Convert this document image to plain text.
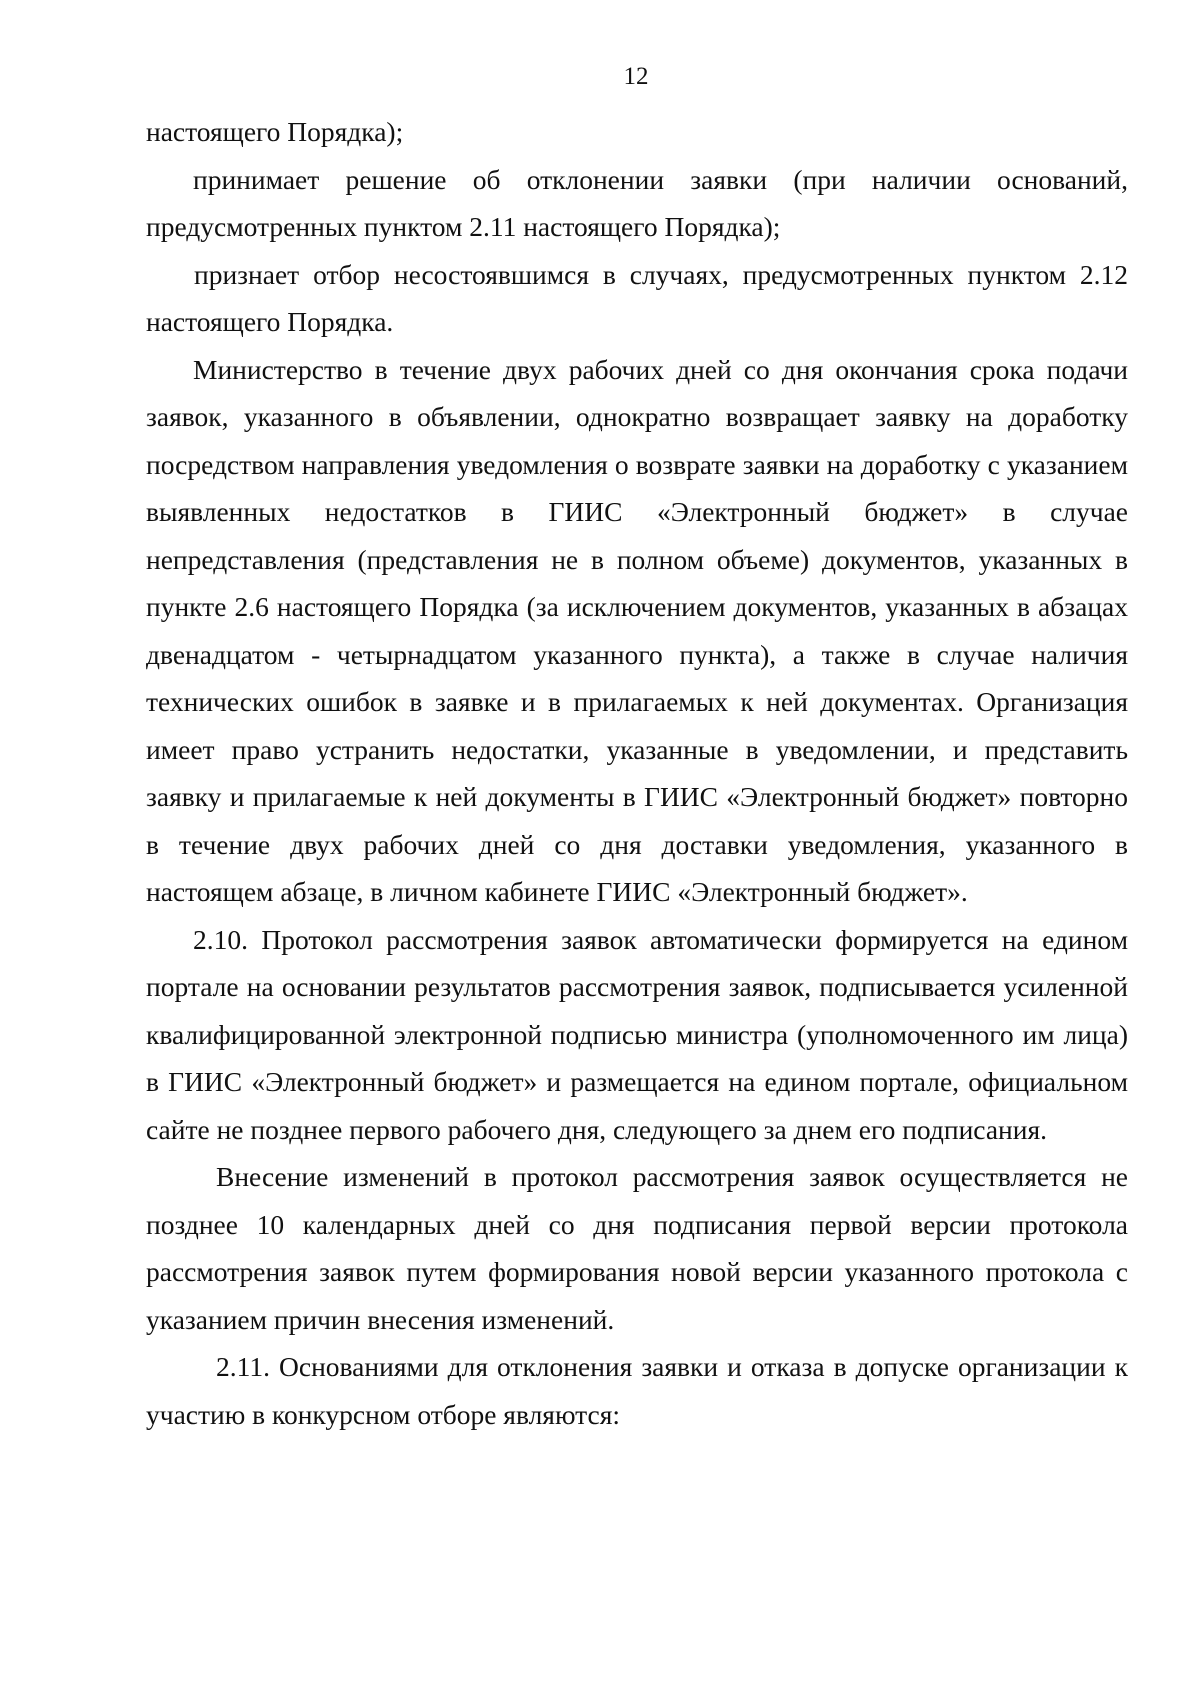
12

настоящего Порядка);

принимает решение об отклонении заявки (при наличии оснований, предусмотренных пунктом 2.11 настоящего Порядка);

признает отбор несостоявшимся в случаях, предусмотренных пунктом 2.12 настоящего Порядка.

Министерство в течение двух рабочих дней со дня окончания срока подачи заявок, указанного в объявлении, однократно возвращает заявку на доработку посредством направления уведомления о возврате заявки на доработку с указанием выявленных недостатков в ГИИС «Электронный бюджет» в случае непредставления (представления не в полном объеме) документов, указанных в пункте 2.6 настоящего Порядка (за исключением документов, указанных в абзацах двенадцатом - четырнадцатом указанного пункта), а также в случае наличия технических ошибок в заявке и в прилагаемых к ней документах. Организация имеет право устранить недостатки, указанные в уведомлении, и представить заявку и прилагаемые к ней документы в ГИИС «Электронный бюджет» повторно в течение двух рабочих дней со дня доставки уведомления, указанного в настоящем абзаце, в личном кабинете ГИИС «Электронный бюджет».

2.10. Протокол рассмотрения заявок автоматически формируется на едином портале на основании результатов рассмотрения заявок, подписывается усиленной квалифицированной электронной подписью министра (уполномоченного им лица) в ГИИС «Электронный бюджет» и размещается на едином портале, официальном сайте не позднее первого рабочего дня, следующего за днем его подписания.

Внесение изменений в протокол рассмотрения заявок осуществляется не позднее 10 календарных дней со дня подписания первой версии протокола рассмотрения заявок путем формирования новой версии указанного протокола с указанием причин внесения изменений.

2.11. Основаниями для отклонения заявки и отказа в допуске организации к участию в конкурсном отборе являются:
